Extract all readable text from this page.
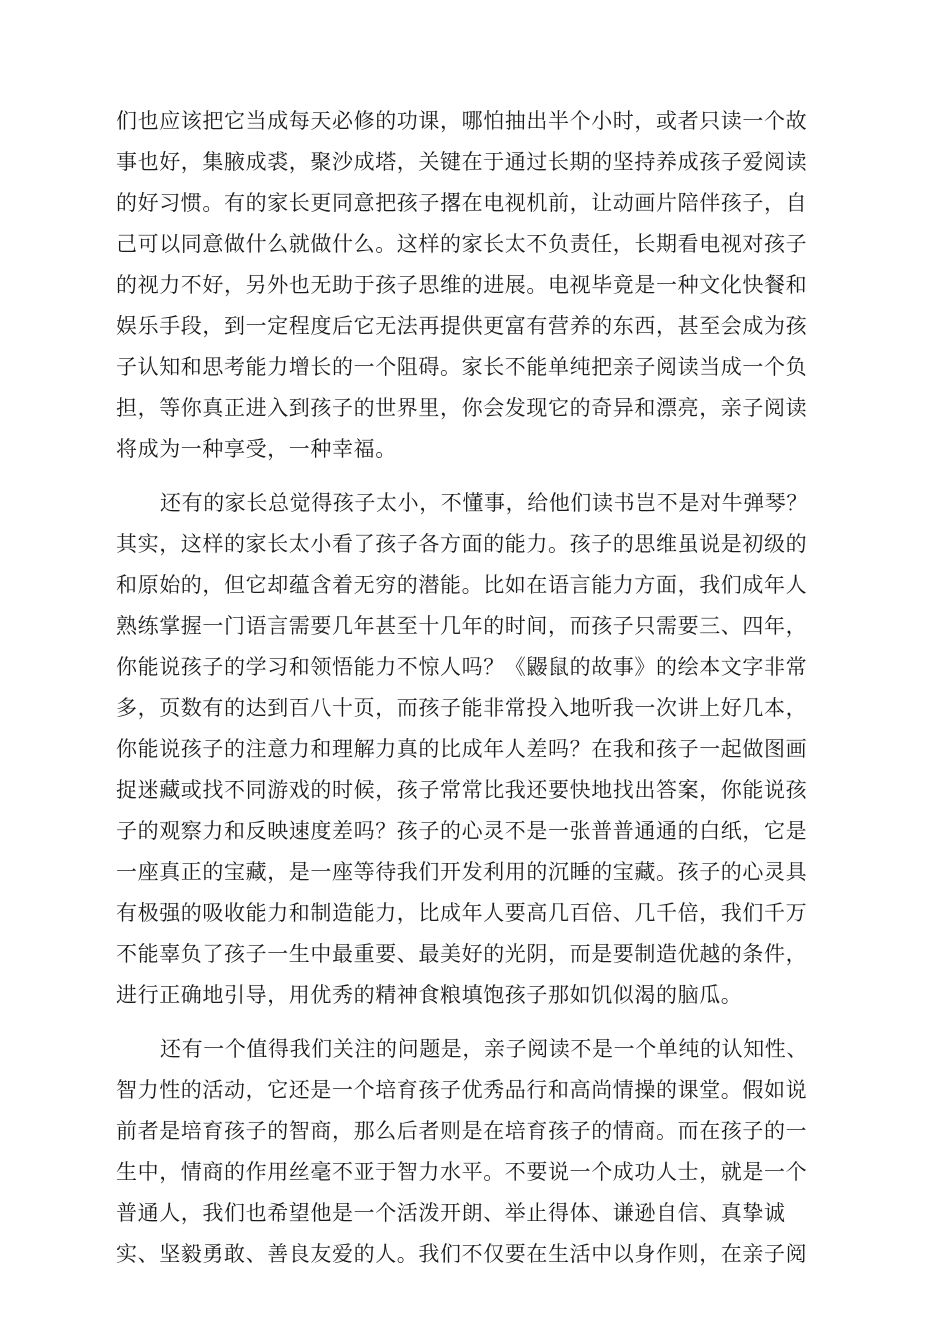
们也应该把它当成每天必修的功课，哪怕抽出半个小时，或者只读一个故
事也好，集腋成裘，聚沙成塔，关键在于通过长期的坚持养成孩子爱阅读
的好习惯。有的家长更同意把孩子撂在电视机前，让动画片陪伴孩子，自
己可以同意做什么就做什么。这样的家长太不负责任，长期看电视对孩子
的视力不好，另外也无助于孩子思维的进展。电视毕竟是一种文化快餐和
娱乐手段，到一定程度后它无法再提供更富有营养的东西，甚至会成为孩
子认知和思考能力增长的一个阻碍。家长不能单纯把亲子阅读当成一个负
担，等你真正进入到孩子的世界里，你会发现它的奇异和漂亮，亲子阅读
将成为一种享受，一种幸福。
还有的家长总觉得孩子太小，不懂事，给他们读书岂不是对牛弹琴？
其实，这样的家长太小看了孩子各方面的能力。孩子的思维虽说是初级的
和原始的，但它却蕴含着无穷的潜能。比如在语言能力方面，我们成年人
熟练掌握一门语言需要几年甚至十几年的时间，而孩子只需要三、四年，
你能说孩子的学习和领悟能力不惊人吗？《鼹鼠的故事》的绘本文字非常
多，页数有的达到百八十页，而孩子能非常投入地听我一次讲上好几本，
你能说孩子的注意力和理解力真的比成年人差吗？在我和孩子一起做图画
捉迷藏或找不同游戏的时候，孩子常常比我还要快地找出答案，你能说孩
子的观察力和反映速度差吗？孩子的心灵不是一张普普通通的白纸，它是
一座真正的宝藏，是一座等待我们开发利用的沉睡的宝藏。孩子的心灵具
有极强的吸收能力和制造能力，比成年人要高几百倍、几千倍，我们千万
不能辜负了孩子一生中最重要、最美好的光阴，而是要制造优越的条件，
进行正确地引导，用优秀的精神食粮填饱孩子那如饥似渴的脑瓜。
还有一个值得我们关注的问题是，亲子阅读不是一个单纯的认知性、
智力性的活动，它还是一个培育孩子优秀品行和高尚情操的课堂。假如说
前者是培育孩子的智商，那么后者则是在培育孩子的情商。而在孩子的一
生中，情商的作用丝毫不亚于智力水平。不要说一个成功人士，就是一个
普通人，我们也希望他是一个活泼开朗、举止得体、谦逊自信、真挚诚
实、坚毅勇敢、善良友爱的人。我们不仅要在生活中以身作则，在亲子阅
